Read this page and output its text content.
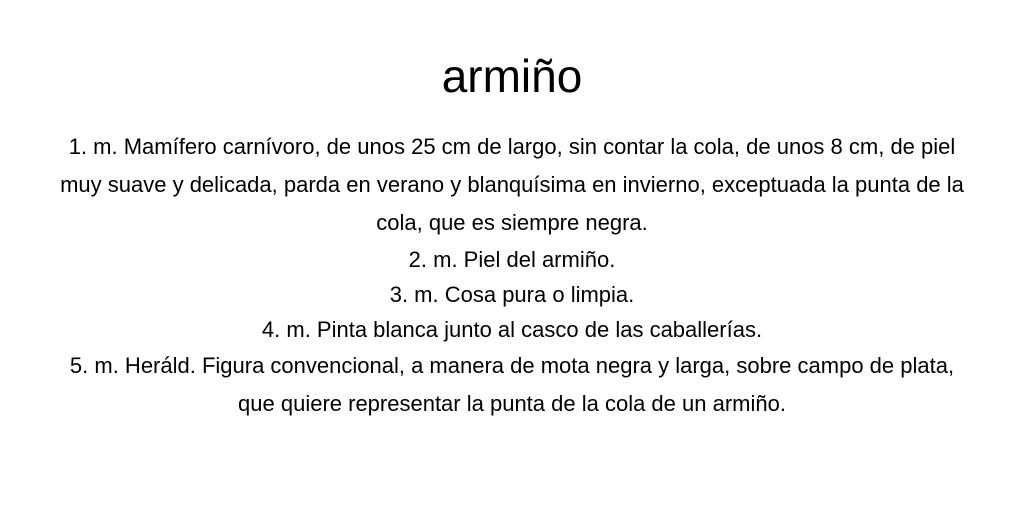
armiño
1. m. Mamífero carnívoro, de unos 25 cm de largo, sin contar la cola, de unos 8 cm, de piel muy suave y delicada, parda en verano y blanquísima en invierno, exceptuada la punta de la cola, que es siempre negra.
2. m. Piel del armiño.
3. m. Cosa pura o limpia.
4. m. Pinta blanca junto al casco de las caballerías.
5. m. Heráld. Figura convencional, a manera de mota negra y larga, sobre campo de plata, que quiere representar la punta de la cola de un armiño.
